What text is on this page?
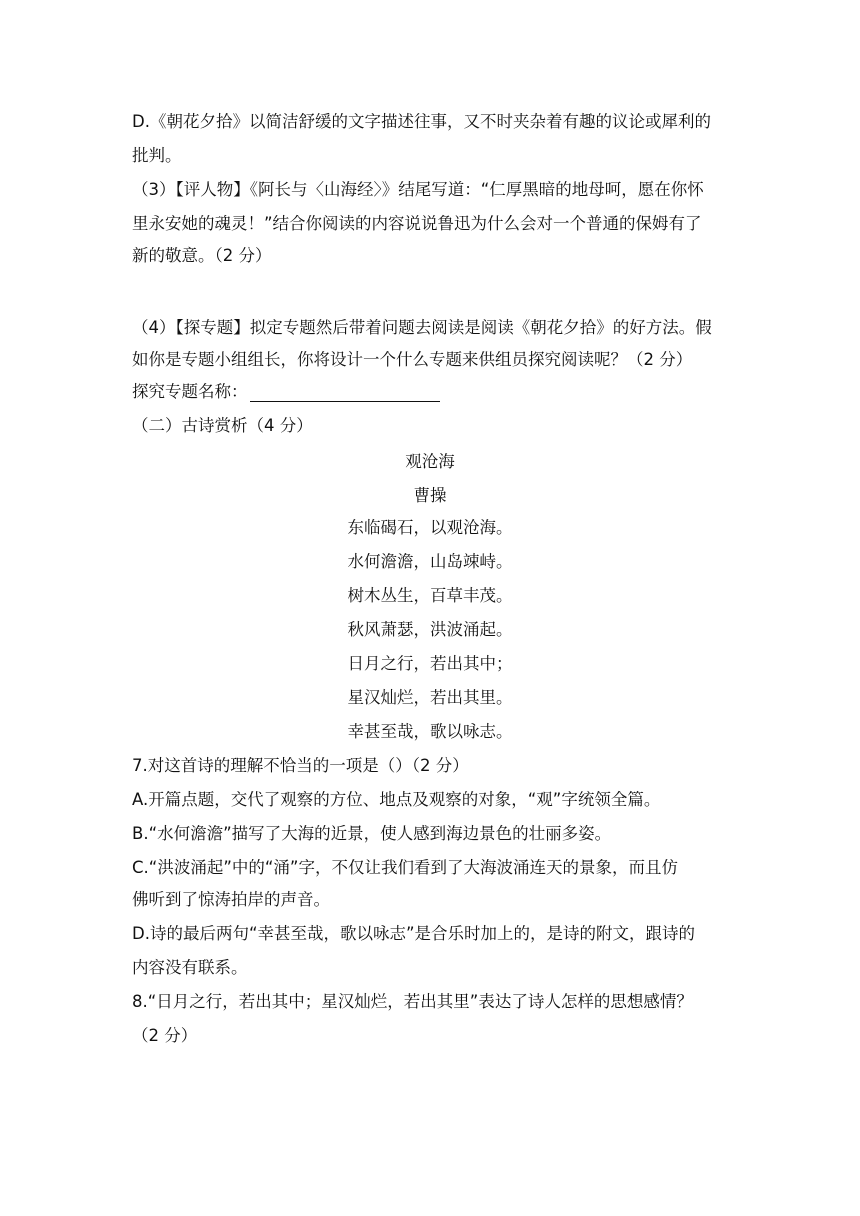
D.《朝花夕拾》以简洁舒缓的文字描述往事，又不时夹杂着有趣的议论或犀利的
批判。
（3）【评人物】《阿长与〈山海经〉》结尾写道：“仁厚黑暗的地母呵，愿在你怀
里永安她的魂灵！”结合你阅读的内容说说鲁迅为什么会对一个普通的保姆有了
新的敬意。（2 分）
（4）【探专题】拟定专题然后带着问题去阅读是阅读《朝花夕拾》的好方法。假
如你是专题小组组长，你将设计一个什么专题来供组员探究阅读呢？（2 分）
探究专题名称：
（二）古诗赏析（4 分）
观沧海
曹操
东临碣石，以观沧海。
水何澹澹，山岛竦峙。
树木丛生，百草丰茂。
秋风萧瑟，洪波涌起。
日月之行，若出其中；
星汉灿烂，若出其里。
幸甚至哉，歌以咏志。
7.对这首诗的理解不恰当的一项是（）（2 分）
A.开篇点题，交代了观察的方位、地点及观察的对象，“观”字统领全篇。
B.“水何澹澹”描写了大海的近景，使人感到海边景色的壮丽多姿。
C.“洪波涌起”中的“涌”字，不仅让我们看到了大海波涌连天的景象，而且仿
佛听到了惊涛拍岸的声音。
D.诗的最后两句“幸甚至哉，歌以咏志”是合乐时加上的，是诗的附文，跟诗的
内容没有联系。
8.“日月之行，若出其中；星汉灿烂，若出其里”表达了诗人怎样的思想感情？
（2 分）
